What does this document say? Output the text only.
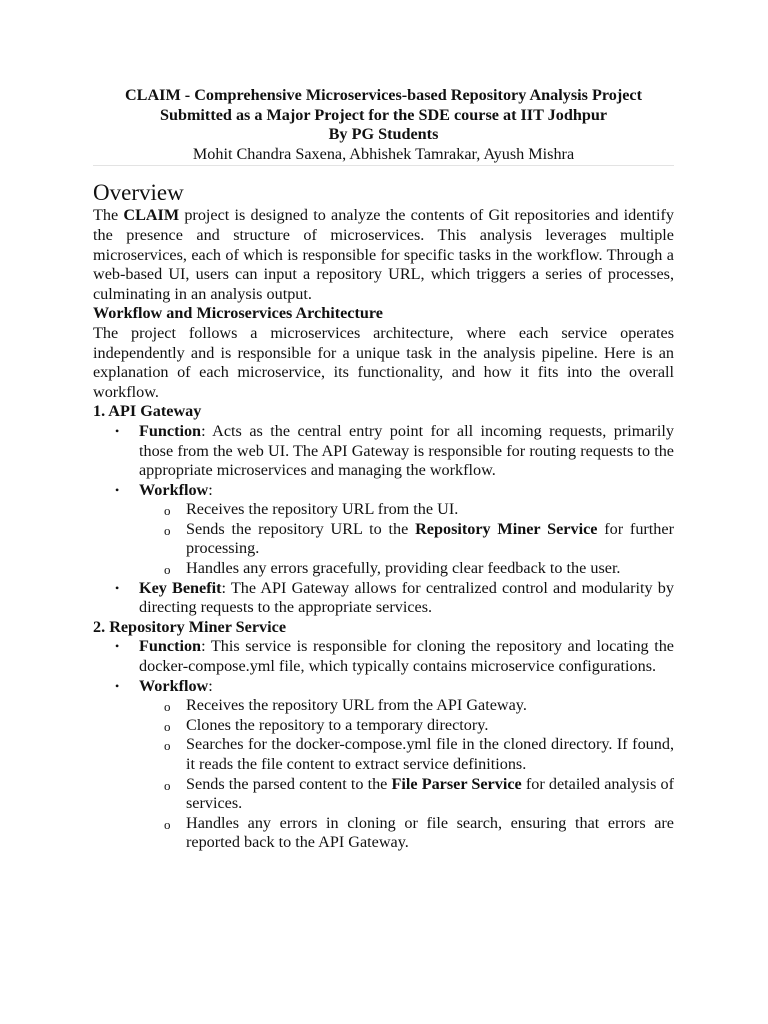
CLAIM - Comprehensive Microservices-based Repository Analysis Project
Submitted as a Major Project for the SDE course at IIT Jodhpur
By PG Students
Mohit Chandra Saxena, Abhishek Tamrakar, Ayush Mishra
Overview

The CLAIM project is designed to analyze the contents of Git repositories and identify the presence and structure of microservices. This analysis leverages multiple microservices, each of which is responsible for specific tasks in the workflow. Through a web-based UI, users can input a repository URL, which triggers a series of processes, culminating in an analysis output.

Workflow and Microservices Architecture

The project follows a microservices architecture, where each service operates independently and is responsible for a unique task in the analysis pipeline. Here is an explanation of each microservice, its functionality, and how it fits into the overall workflow.

1. API Gateway
• Function: Acts as the central entry point for all incoming requests, primarily those from the web UI. The API Gateway is responsible for routing requests to the appropriate microservices and managing the workflow.
• Workflow:
o Receives the repository URL from the UI.
o Sends the repository URL to the Repository Miner Service for further processing.
o Handles any errors gracefully, providing clear feedback to the user.
• Key Benefit: The API Gateway allows for centralized control and modularity by directing requests to the appropriate services.
2. Repository Miner Service
• Function: This service is responsible for cloning the repository and locating the docker-compose.yml file, which typically contains microservice configurations.
• Workflow:
o Receives the repository URL from the API Gateway.
o Clones the repository to a temporary directory.
o Searches for the docker-compose.yml file in the cloned directory. If found, it reads the file content to extract service definitions.
o Sends the parsed content to the File Parser Service for detailed analysis of services.
o Handles any errors in cloning or file search, ensuring that errors are reported back to the API Gateway.
